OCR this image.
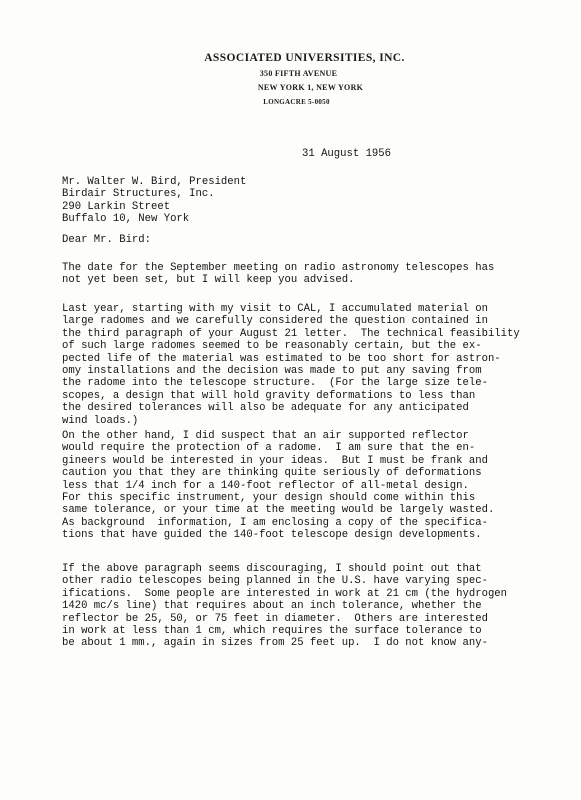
ASSOCIATED UNIVERSITIES, INC.
350 FIFTH AVENUE
NEW YORK 1, NEW YORK
LONGACRE 5-0050
31 August 1956
Mr. Walter W. Bird, President
Birdair Structures, Inc.
290 Larkin Street
Buffalo 10, New York
Dear Mr. Bird:
The date for the September meeting on radio astronomy telescopes has
not yet been set, but I will keep you advised.
Last year, starting with my visit to CAL, I accumulated material on
large radomes and we carefully considered the question contained in
the third paragraph of your August 21 letter.  The technical feasibility
of such large radomes seemed to be reasonably certain, but the ex-
pected life of the material was estimated to be too short for astron-
omy installations and the decision was made to put any saving from
the radome into the telescope structure.  (For the large size tele-
scopes, a design that will hold gravity deformations to less than
the desired tolerances will also be adequate for any anticipated
wind loads.)
On the other hand, I did suspect that an air supported reflector
would require the protection of a radome.  I am sure that the en-
gineers would be interested in your ideas.  But I must be frank and
caution you that they are thinking quite seriously of deformations
less that 1/4 inch for a 140-foot reflector of all-metal design.
For this specific instrument, your design should come within this
same tolerance, or your time at the meeting would be largely wasted.
As background  information, I am enclosing a copy of the specifica-
tions that have guided the 140-foot telescope design developments.
If the above paragraph seems discouraging, I should point out that
other radio telescopes being planned in the U.S. have varying spec-
ifications.  Some people are interested in work at 21 cm (the hydrogen
1420 mc/s line) that requires about an inch tolerance, whether the
reflector be 25, 50, or 75 feet in diameter.  Others are interested
in work at less than 1 cm, which requires the surface tolerance to
be about 1 mm., again in sizes from 25 feet up.  I do not know any-
